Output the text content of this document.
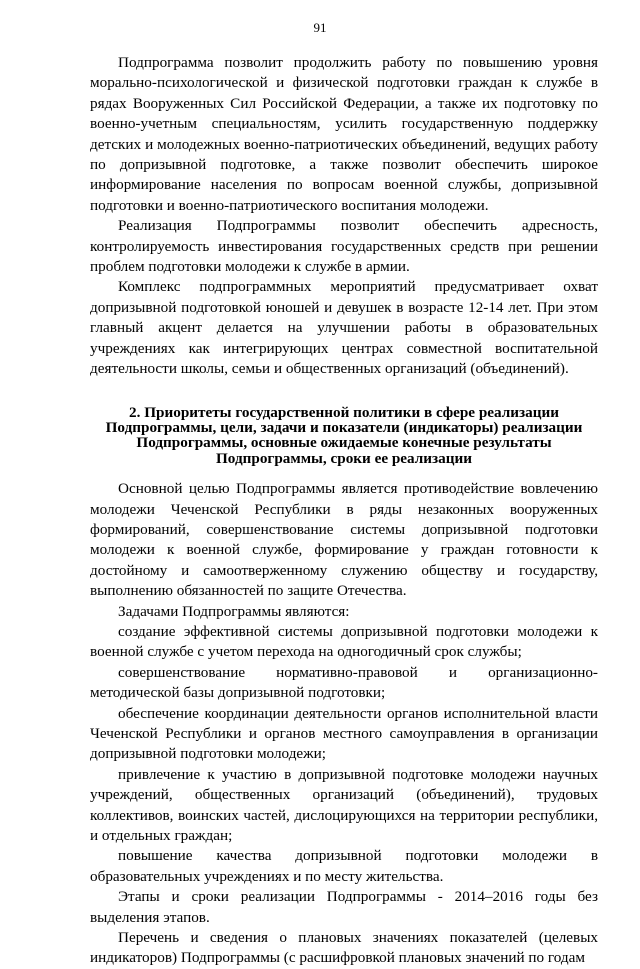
91

Подпрограмма позволит продолжить работу по повышению уровня морально-психологической и физической подготовки граждан к службе в рядах Вооруженных Сил Российской Федерации, а также их подготовку по военно-учетным специальностям, усилить государственную поддержку детских и молодежных военно-патриотических объединений, ведущих работу по допризывной подготовке, а также позволит обеспечить широкое информирование населения по вопросам военной службы, допризывной подготовки и военно-патриотического воспитания молодежи.

Реализация Подпрограммы позволит обеспечить адресность, контролируемость инвестирования государственных средств при решении проблем подготовки молодежи к службе в армии.

Комплекс подпрограммных мероприятий предусматривает охват допризывной подготовкой юношей и девушек в возрасте 12-14 лет. При этом главный акцент делается на улучшении работы в образовательных учреждениях как интегрирующих центрах совместной воспитательной деятельности школы, семьи и общественных организаций (объединений).

2. Приоритеты государственной политики в сфере реализации Подпрограммы, цели, задачи и показатели (индикаторы) реализации Подпрограммы, основные ожидаемые конечные результаты Подпрограммы, сроки ее реализации

Основной целью Подпрограммы является противодействие вовлечению молодежи Чеченской Республики в ряды незаконных вооруженных формирований, совершенствование системы допризывной подготовки молодежи к военной службе, формирование у граждан готовности к достойному и самоотверженному служению обществу и государству, выполнению обязанностей по защите Отечества.

Задачами Подпрограммы являются:

создание эффективной системы допризывной подготовки молодежи к военной службе с учетом перехода на одногодичный срок службы;

совершенствование нормативно-правовой и организационно-методической базы допризывной подготовки;

обеспечение координации деятельности органов исполнительной власти Чеченской Республики и органов местного самоуправления в организации допризывной подготовки молодежи;

привлечение к участию в допризывной подготовке молодежи научных учреждений, общественных организаций (объединений), трудовых коллективов, воинских частей, дислоцирующихся на территории республики, и отдельных граждан;

повышение качества допризывной подготовки молодежи в образовательных учреждениях и по месту жительства.

Этапы и сроки реализации Подпрограммы - 2014–2016 годы без выделения этапов.

Перечень и сведения о плановых значениях показателей (целевых индикаторов) Подпрограммы (с расшифровкой плановых значений по годам
